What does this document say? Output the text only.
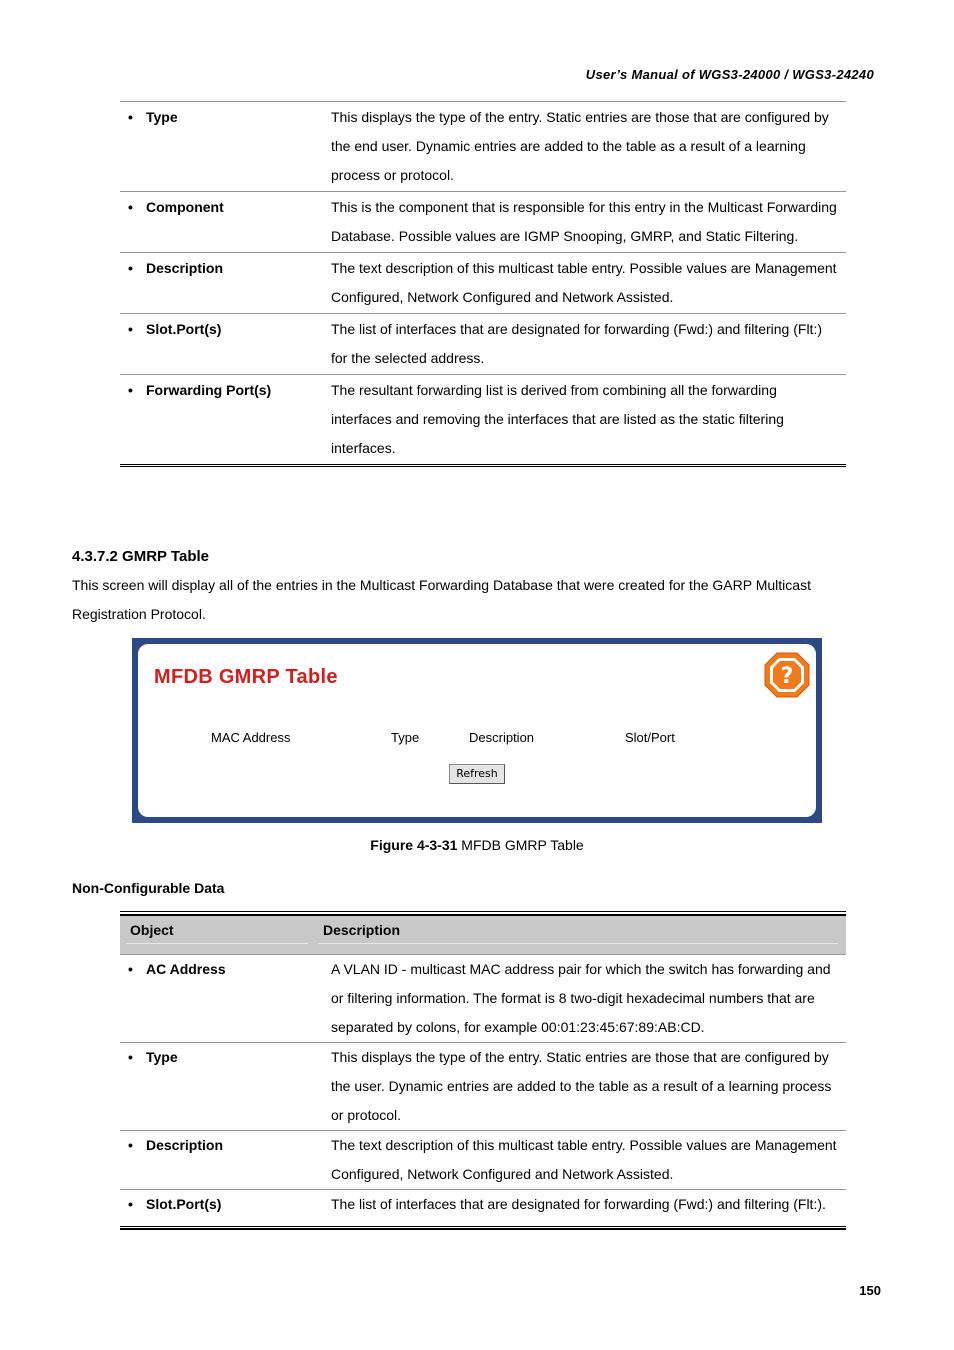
User’s Manual of WGS3-24000 / WGS3-24240
• Type	This displays the type of the entry. Static entries are those that are configured by the end user. Dynamic entries are added to the table as a result of a learning process or protocol.
• Component	This is the component that is responsible for this entry in the Multicast Forwarding Database. Possible values are IGMP Snooping, GMRP, and Static Filtering.
• Description	The text description of this multicast table entry. Possible values are Management Configured, Network Configured and Network Assisted.
• Slot.Port(s)	The list of interfaces that are designated for forwarding (Fwd:) and filtering (Flt:) for the selected address.
• Forwarding Port(s)	The resultant forwarding list is derived from combining all the forwarding interfaces and removing the interfaces that are listed as the static filtering interfaces.
4.3.7.2 GMRP Table
This screen will display all of the entries in the Multicast Forwarding Database that were created for the GARP Multicast Registration Protocol.
MFDB GMRP Table	?
MAC Address	Type	Description	Slot/Port
Refresh
Figure 4-3-31 MFDB GMRP Table
Non-Configurable Data
Object	Description
• AC Address	A VLAN ID - multicast MAC address pair for which the switch has forwarding and or filtering information. The format is 8 two-digit hexadecimal numbers that are separated by colons, for example 00:01:23:45:67:89:AB:CD.
• Type	This displays the type of the entry. Static entries are those that are configured by the user. Dynamic entries are added to the table as a result of a learning process or protocol.
• Description	The text description of this multicast table entry. Possible values are Management Configured, Network Configured and Network Assisted.
• Slot.Port(s)	The list of interfaces that are designated for forwarding (Fwd:) and filtering (Flt:).
150
